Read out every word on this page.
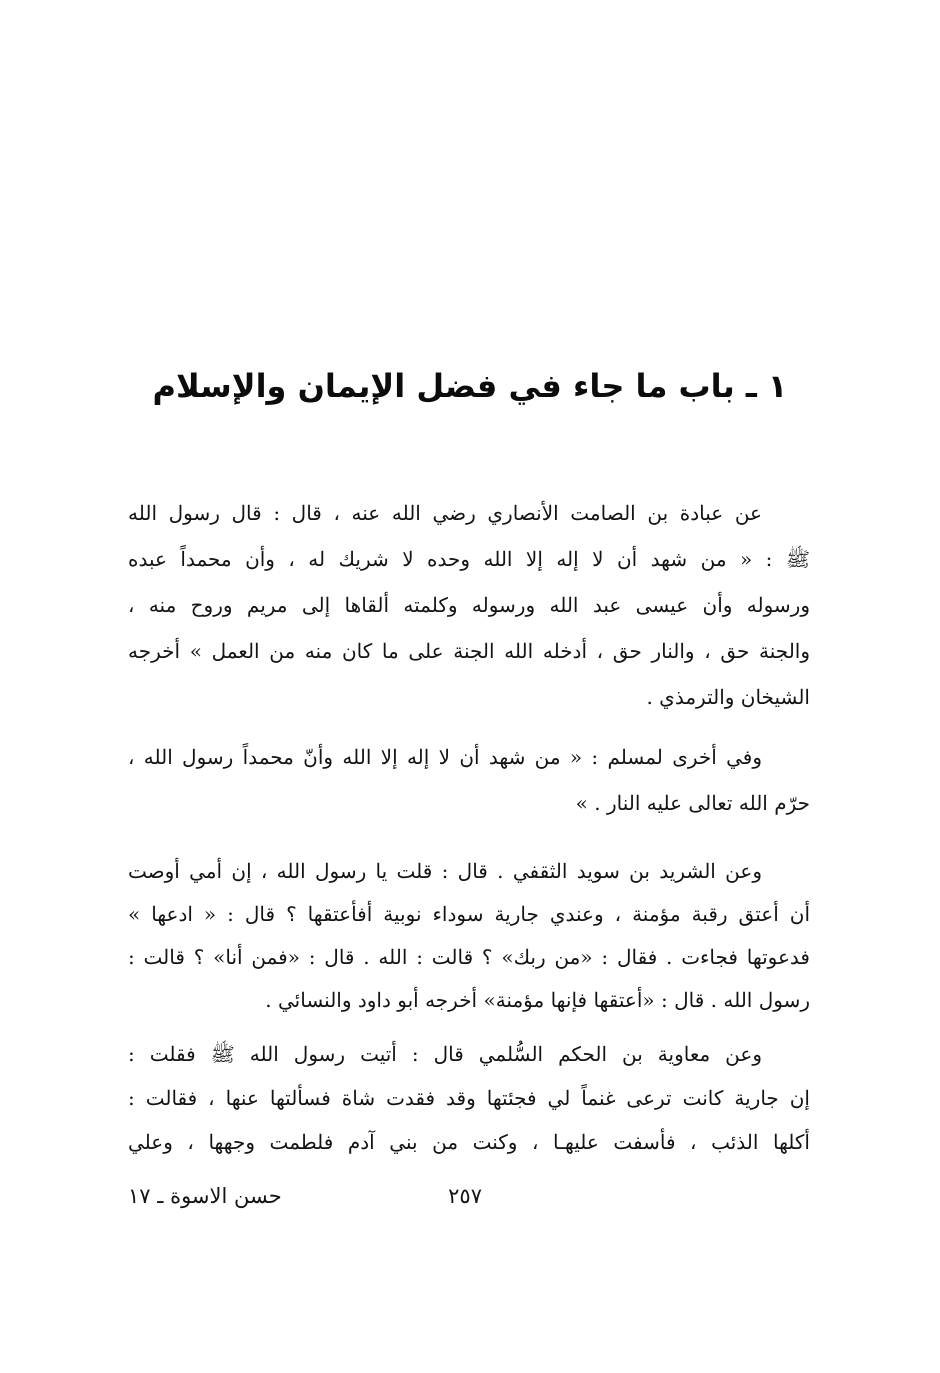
١ ـ باب ما جاء في فضل الإيمان والإسلام
عن عبادة بن الصامت الأنصاري رضي الله عنه ، قال : قال رسول الله
ﷺ : « من شهد أن لا إله إلا الله وحده لا شريك له ، وأن محمداً عبده
ورسوله وأن عيسى عبد الله ورسوله وكلمته ألقاها إلى مريم وروح منه ،
والجنة حق ، والنار حق ، أدخله الله الجنة على ما كان منه من العمل » أخرجه
الشيخان والترمذي .
وفي أخرى لمسلم : « من شهد أن لا إله إلا الله وأنّ محمداً رسول الله ،
حرّم الله تعالى عليه النار . »
وعن الشريد بن سويد الثقفي . قال : قلت يا رسول الله ، إن أمي أوصت
أن أعتق رقبة مؤمنة ، وعندي جارية سوداء نوبية أفأعتقها ؟ قال : « ادعها »
فدعوتها فجاءت . فقال : «من ربك» ؟ قالت : الله . قال : «فمن أنا» ؟ قالت :
رسول الله . قال : «أعتقها فإنها مؤمنة» أخرجه أبو داود والنسائي .
وعن معاوية بن الحكم السُّلمي قال : أتيت رسول الله ﷺ فقلت :
إن جارية كانت ترعى غنماً لي فجئتها وقد فقدت شاة فسألتها عنها ، فقالت :
أكلها الذئب ، فأسفت عليهـا ، وكنت من بني آدم فلطمت وجهها ، وعلي
٢٥٧
حسن الاسوة ـ ١٧
